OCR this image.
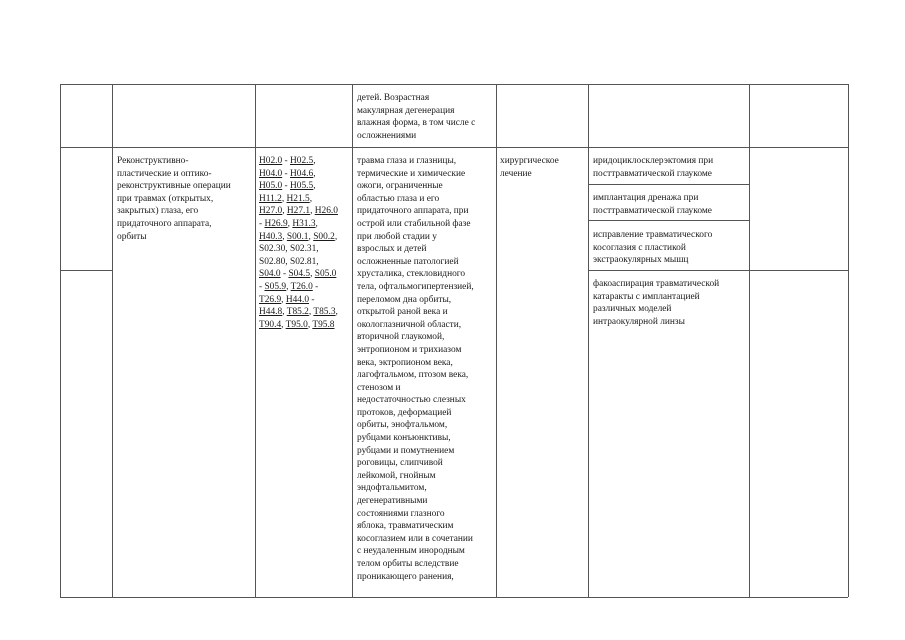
детей. Возрастная
макулярная дегенерация
влажная форма, в том числе с
осложнениями
Реконструктивно-
пластические и оптико-
реконструктивные операции
при травмах (открытых,
закрытых) глаза, его
придаточного аппарата,
орбиты
H02.0 - H02.5,
H04.0 - H04.6,
H05.0 - H05.5,
H11.2, H21.5,
H27.0, H27.1, H26.0
- H26.9, H31.3,
H40.3, S00.1, S00.2,
S02.30, S02.31,
S02.80, S02.81,
S04.0 - S04.5, S05.0
- S05.9, T26.0 -
T26.9, H44.0 -
H44.8, T85.2, T85.3,
T90.4, T95.0, T95.8
травма глаза и глазницы,
термические и химические
ожоги, ограниченные
областью глаза и его
придаточного аппарата, при
острой или стабильной фазе
при любой стадии у
взрослых и детей
осложненные патологией
хрусталика, стекловидного
тела, офтальмогипертензией,
переломом дна орбиты,
открытой раной века и
окологлазничной области,
вторичной глаукомой,
энтропионом и трихиазом
века, эктропионом века,
лагофтальмом, птозом века,
стенозом и
недостаточностью слезных
протоков, деформацией
орбиты, энофтальмом,
рубцами конъюнктивы,
рубцами и помутнением
роговицы, слипчивой
лейкомой, гнойным
эндофтальмитом,
дегенеративными
состояниями глазного
яблока, травматическим
косоглазием или в сочетании
с неудаленным инородным
телом орбиты вследствие
проникающего ранения,
хирургическое
лечение
иридоциклосклерэктомия при
посттравматической глаукоме
имплантация дренажа при
посттравматической глаукоме
исправление травматического
косоглазия с пластикой
экстраокулярных мышц
факоаспирация травматической
катаракты с имплантацией
различных моделей
интраокулярной линзы
